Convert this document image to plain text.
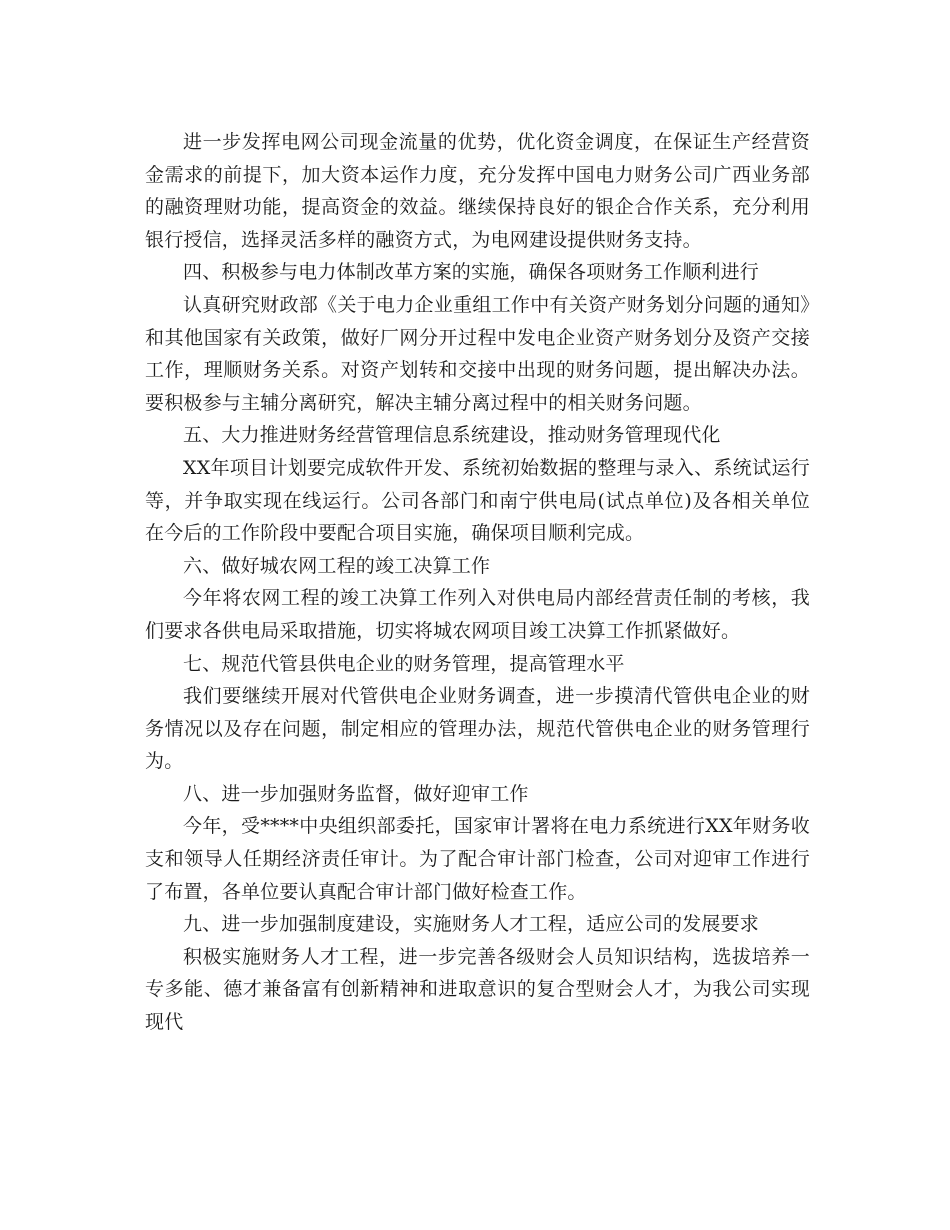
进一步发挥电网公司现金流量的优势，优化资金调度，在保证生产经营资金需求的前提下，加大资本运作力度，充分发挥中国电力财务公司广西业务部的融资理财功能，提高资金的效益。继续保持良好的银企合作关系，充分利用银行授信，选择灵活多样的融资方式，为电网建设提供财务支持。

四、积极参与电力体制改革方案的实施，确保各项财务工作顺利进行

认真研究财政部《关于电力企业重组工作中有关资产财务划分问题的通知》和其他国家有关政策，做好厂网分开过程中发电企业资产财务划分及资产交接工作，理顺财务关系。对资产划转和交接中出现的财务问题，提出解决办法。要积极参与主辅分离研究，解决主辅分离过程中的相关财务问题。

五、大力推进财务经营管理信息系统建设，推动财务管理现代化

XX年项目计划要完成软件开发、系统初始数据的整理与录入、系统试运行等，并争取实现在线运行。公司各部门和南宁供电局(试点单位)及各相关单位在今后的工作阶段中要配合项目实施，确保项目顺利完成。

六、做好城农网工程的竣工决算工作

今年将农网工程的竣工决算工作列入对供电局内部经营责任制的考核，我们要求各供电局采取措施，切实将城农网项目竣工决算工作抓紧做好。

七、规范代管县供电企业的财务管理，提高管理水平

我们要继续开展对代管供电企业财务调查，进一步摸清代管供电企业的财务情况以及存在问题，制定相应的管理办法，规范代管供电企业的财务管理行为。

八、进一步加强财务监督，做好迎审工作

今年，受****中央组织部委托，国家审计署将在电力系统进行XX年财务收支和领导人任期经济责任审计。为了配合审计部门检查，公司对迎审工作进行了布置，各单位要认真配合审计部门做好检查工作。

九、进一步加强制度建设，实施财务人才工程，适应公司的发展要求

积极实施财务人才工程，进一步完善各级财会人员知识结构，选拔培养一专多能、德才兼备富有创新精神和进取意识的复合型财会人才，为我公司实现现代
